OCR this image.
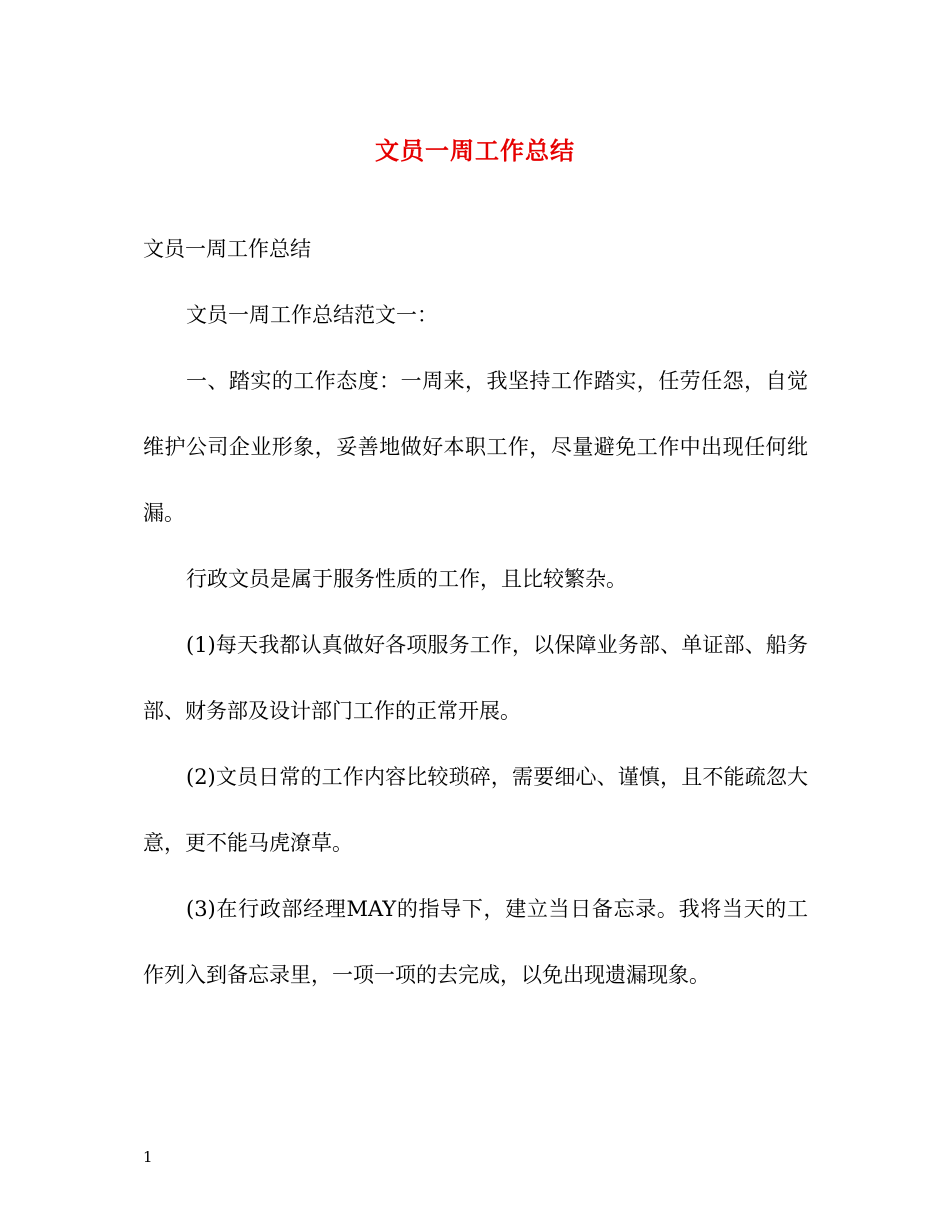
文员一周工作总结

文员一周工作总结

文员一周工作总结范文一：

一、踏实的工作态度：一周来，我坚持工作踏实，任劳任怨，自觉维护公司企业形象，妥善地做好本职工作，尽量避免工作中出现任何纰漏。

行政文员是属于服务性质的工作，且比较繁杂。

(1)每天我都认真做好各项服务工作，以保障业务部、单证部、船务部、财务部及设计部门工作的正常开展。

(2)文员日常的工作内容比较琐碎，需要细心、谨慎，且不能疏忽大意，更不能马虎潦草。

(3)在行政部经理MAY的指导下，建立当日备忘录。我将当天的工作列入到备忘录里，一项一项的去完成，以免出现遗漏现象。

1
